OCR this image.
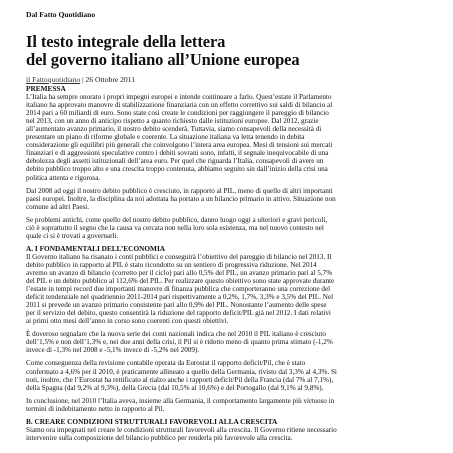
Dal Fatto Quotidiano
Il testo integrale della lettera
del governo italiano all’Unione europea
il Fattoquotidiano | 26 Ottobre 2011
PREMESSA
L’Italia ha sempre onorato i propri impegni europei e intende continuare a farlo. Quest’estate il Parlamento
italiano ha approvato manovre di stabilizzazione finanziaria con un effetto correttivo sui saldi di bilancio al
2014 pari a 60 miliardi di euro. Sono state così create le condizioni per raggiungere il pareggio di bilancio
nel 2013, con un anno di anticipo rispetto a quanto richiesto dalle istituzioni europee. Dal 2012, grazie
all’aumentato avanzo primario, il nostro debito scenderà. Tuttavia, siamo consapevoli della necessità di
presentare un piano di riforme globale e coerente. La situazione italiana va letta tenendo in debita
considerazione gli equilibri più generali che coinvolgono l’intera area europea. Mesi di tensioni sui mercati
finanziari e di aggressioni speculative contro i debiti sovrani sono, infatti, il segnale inequivocabile di una
debolezza degli assetti istituzionali dell’area euro. Per quel che riguarda l’Italia, consapevoli di avere un
debito pubblico troppo alto e una crescita troppo contenuta, abbiamo seguito sin dall’inizio della crisi una
politica attenta e rigorosa.
Dal 2008 ad oggi il nostro debito pubblico è cresciuto, in rapporto al PIL, meno di quello di altri importanti
paesi europei. Inoltre, la disciplina da noi adottata ha portato a un bilancio primario in attivo. Situazione non
comune ad altri Paesi.
Se problemi antichi, come quello del nostro debito pubblico, danno luogo oggi a ulteriori e gravi pericoli,
ciò è soprattutto il segno che la causa va cercata non nella loro sola esistenza, ma nel nuovo contesto nel
quale ci si è trovati a governarli.
A. I FONDAMENTALI DELL’ECONOMIA
Il Governo italiano ha risanato i conti pubblici e conseguirà l’obiettivo del pareggio di bilancio nel 2013. Il
debito pubblico in rapporto al PIL è stato ricondotto su un sentiero di progressiva riduzione. Nel 2014
avremo un avanzo di bilancio (corretto per il ciclo) pari allo 0,5% del PIL, un avanzo primario pari al 5,7%
del PIL e un debito pubblico al 112,6% del PIL. Per realizzare questo obiettivo sono state approvate durante
l’estate in tempi record due importanti manovre di finanza pubblica che comporteranno una correzione del
deficit tendenziale nel quadriennio 2011-2014 pari rispettivamente a 0,2%, 1,7%, 3,3% e 3,5% del PIL. Nel
2011 si prevede un avanzo primario consistente pari allo 0,9% del PIL. Nonostante l’aumento delle spese
per il servizio del debito, questo consentirà la riduzione del rapporto deficit/PIL già nel 2012. I dati relativi
ai primi otto mesi dell’anno in corso sono coerenti con questi obiettivi.
È doveroso segnalare che la nuova serie dei conti nazionali indica che nel 2010 il PIL italiano è cresciuto
dell’1,5% e non dell’1,3% e, nei due anni della crisi, il Pil si è ridotto meno di quanto prima stimato (-1,2%
invece di -1,3% nel 2008 e -5,1% invece di -5,2% nel 2009).
Come conseguenza della revisione contabile operata da Eurostat il rapporto deficit/Pil, che è stato
confermato a 4,6% per il 2010, è praticamente allineato a quello della Germania, rivisto dal 3,3% al 4,3%. Si
noti, inoltre, che l’Eurostat ha rettificato al rialzo anche i rapporti deficit/Pil della Francia (dal 7% al 7,1%),
della Spagna (dal 9,2% al 9,3%), della Grecia (dal 10,5% al 10,6%) e del Portogallo (dal 9,1% al 9,8%).
In conclusione, nel 2010 l’Italia aveva, insieme alla Germania, il comportamento largamente più virtuoso in
termini di indebitamento netto in rapporto al Pil.
B. CREARE CONDIZIONI STRUTTURALI FAVOREVOLI ALLA CRESCITA
Siamo ora impegnati nel creare le condizioni strutturali favorevoli alla crescita. Il Governo ritiene necessario
intervenire sulla composizione del bilancio pubblico per renderla più favorevole alla crescita.
